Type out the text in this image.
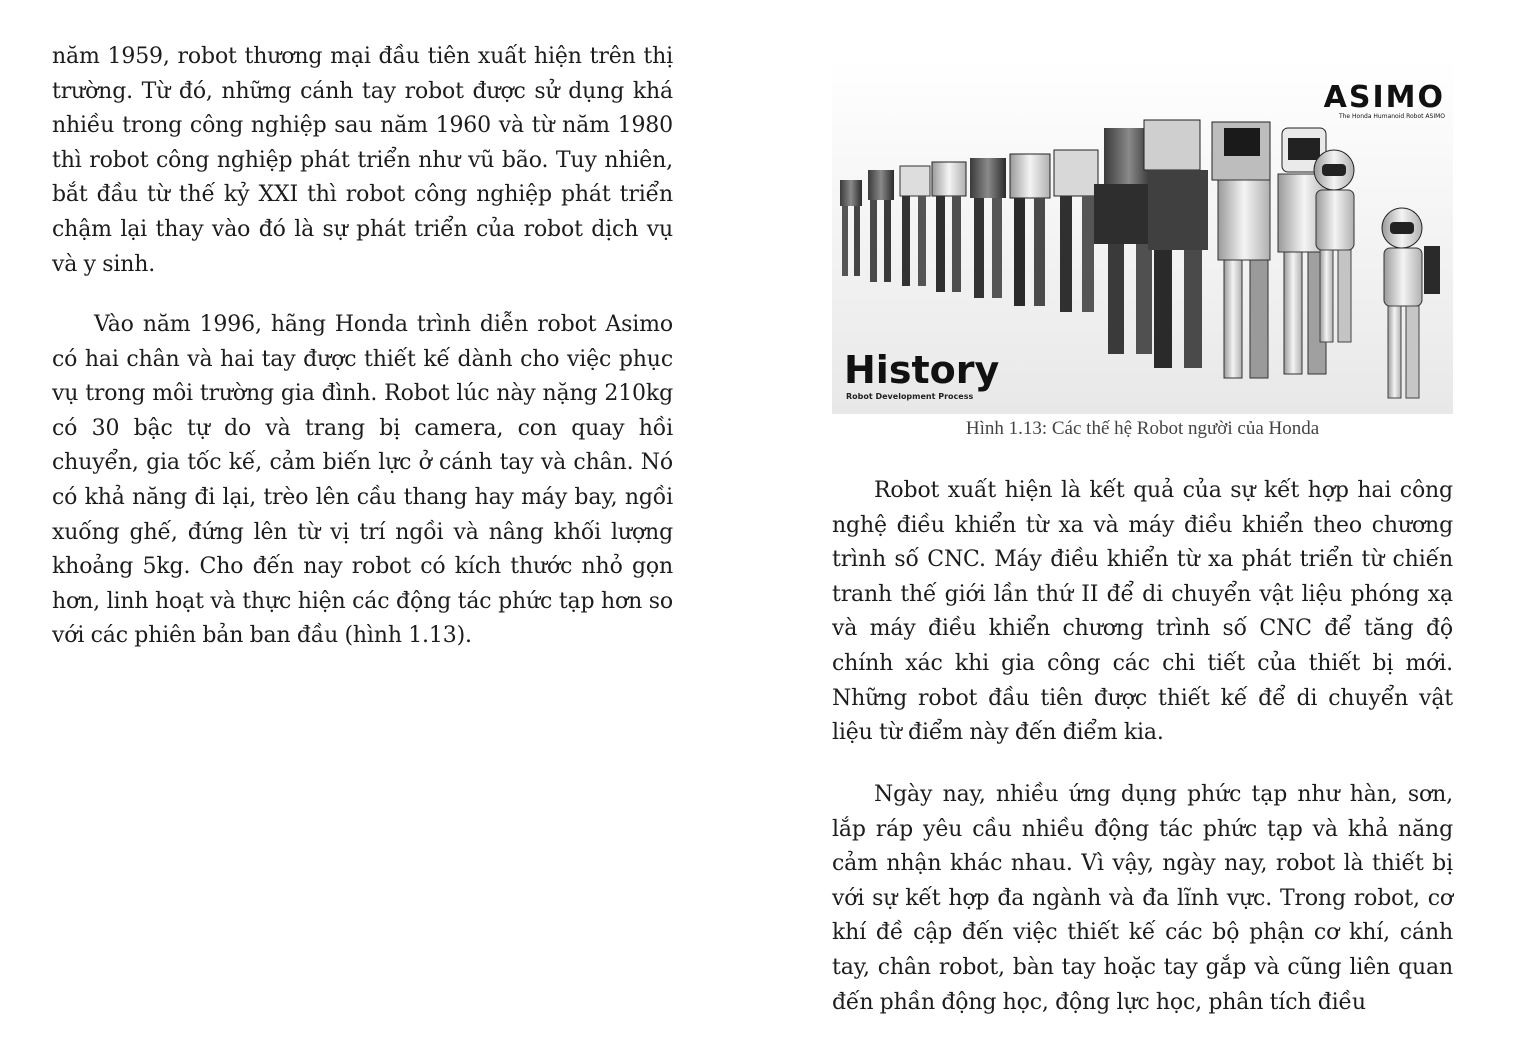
năm 1959, robot thương mại đầu tiên xuất hiện trên thị trường. Từ đó, những cánh tay robot được sử dụng khá nhiều trong công nghiệp sau năm 1960 và từ năm 1980 thì robot công nghiệp phát triển như vũ bão. Tuy nhiên, bắt đầu từ thế kỷ XXI thì robot công nghiệp phát triển chậm lại thay vào đó là sự phát triển của robot dịch vụ và y sinh.

Vào năm 1996, hãng Honda trình diễn robot Asimo có hai chân và hai tay được thiết kế dành cho việc phục vụ trong môi trường gia đình. Robot lúc này nặng 210kg có 30 bậc tự do và trang bị camera, con quay hồi chuyển, gia tốc kế, cảm biến lực ở cánh tay và chân. Nó có khả năng đi lại, trèo lên cầu thang hay máy bay, ngồi xuống ghế, đứng lên từ vị trí ngồi và nâng khối lượng khoảng 5kg. Cho đến nay robot có kích thước nhỏ gọn hơn, linh hoạt và thực hiện các động tác phức tạp hơn so với các phiên bản ban đầu (hình 1.13).

ASIMO
The Honda Humanoid Robot ASIMO
History
Robot Development Process
Hình 1.13: Các thế hệ Robot người của Honda

Robot xuất hiện là kết quả của sự kết hợp hai công nghệ điều khiển từ xa và máy điều khiển theo chương trình số CNC. Máy điều khiển từ xa phát triển từ chiến tranh thế giới lần thứ II để di chuyển vật liệu phóng xạ và máy điều khiển chương trình số CNC để tăng độ chính xác khi gia công các chi tiết của thiết bị mới. Những robot đầu tiên được thiết kế để di chuyển vật liệu từ điểm này đến điểm kia.

Ngày nay, nhiều ứng dụng phức tạp như hàn, sơn, lắp ráp yêu cầu nhiều động tác phức tạp và khả năng cảm nhận khác nhau. Vì vậy, ngày nay, robot là thiết bị với sự kết hợp đa ngành và đa lĩnh vực. Trong robot, cơ khí đề cập đến việc thiết kế các bộ phận cơ khí, cánh tay, chân robot, bàn tay hoặc tay gắp và cũng liên quan đến phần động học, động lực học, phân tích điều
